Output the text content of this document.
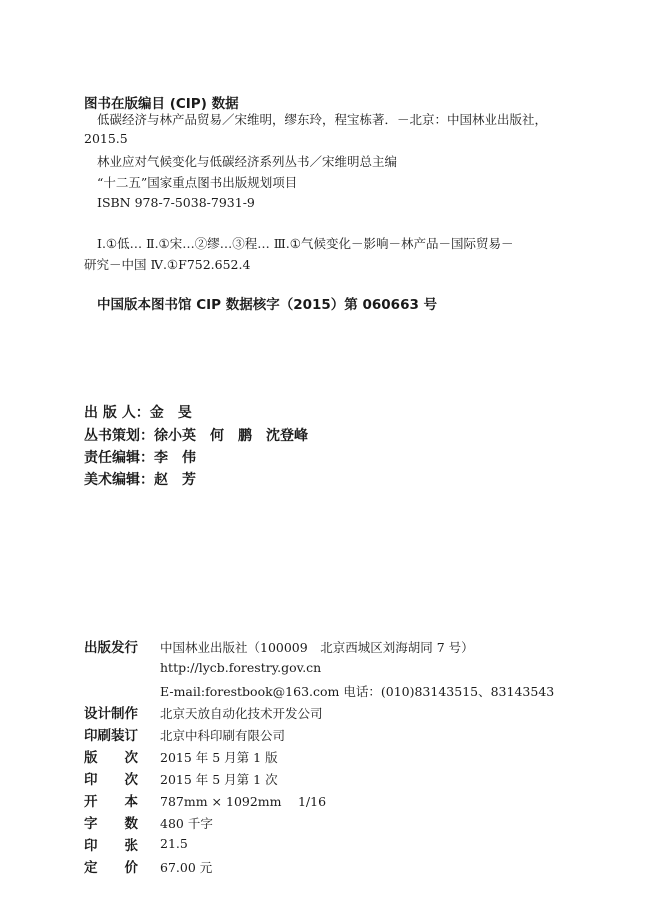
图书在版编目 (CIP) 数据
低碳经济与林产品贸易／宋维明，缪东玲，程宝栋著．－北京：中国林业出版社，
2015.5
林业应对气候变化与低碳经济系列丛书／宋维明总主编
“十二五”国家重点图书出版规划项目
ISBN 978-7-5038-7931-9
Ⅰ.①低… Ⅱ.①宋…②缪…③程… Ⅲ.①气候变化－影响－林产品－国际贸易－
研究－中国 Ⅳ.①F752.652.4
中国版本图书馆 CIP 数据核字（2015）第 060663 号
出 版 人：金　旻
丛书策划：徐小英　何　鹏　沈登峰
责任编辑：李　伟
美术编辑：赵　芳
出版发行 中国林业出版社（100009　北京西城区刘海胡同 7 号）
http://lycb.forestry.gov.cn
E-mail:forestbook@163.com 电话：(010)83143515、83143543
设计制作 北京天放自动化技术开发公司
印刷装订 北京中科印刷有限公司
版　　次 2015 年 5 月第 1 版
印　　次 2015 年 5 月第 1 次
开　　本 787mm × 1092mm　 1/16
字　　数 480 千字
印　　张 21.5
定　　价 67.00 元
